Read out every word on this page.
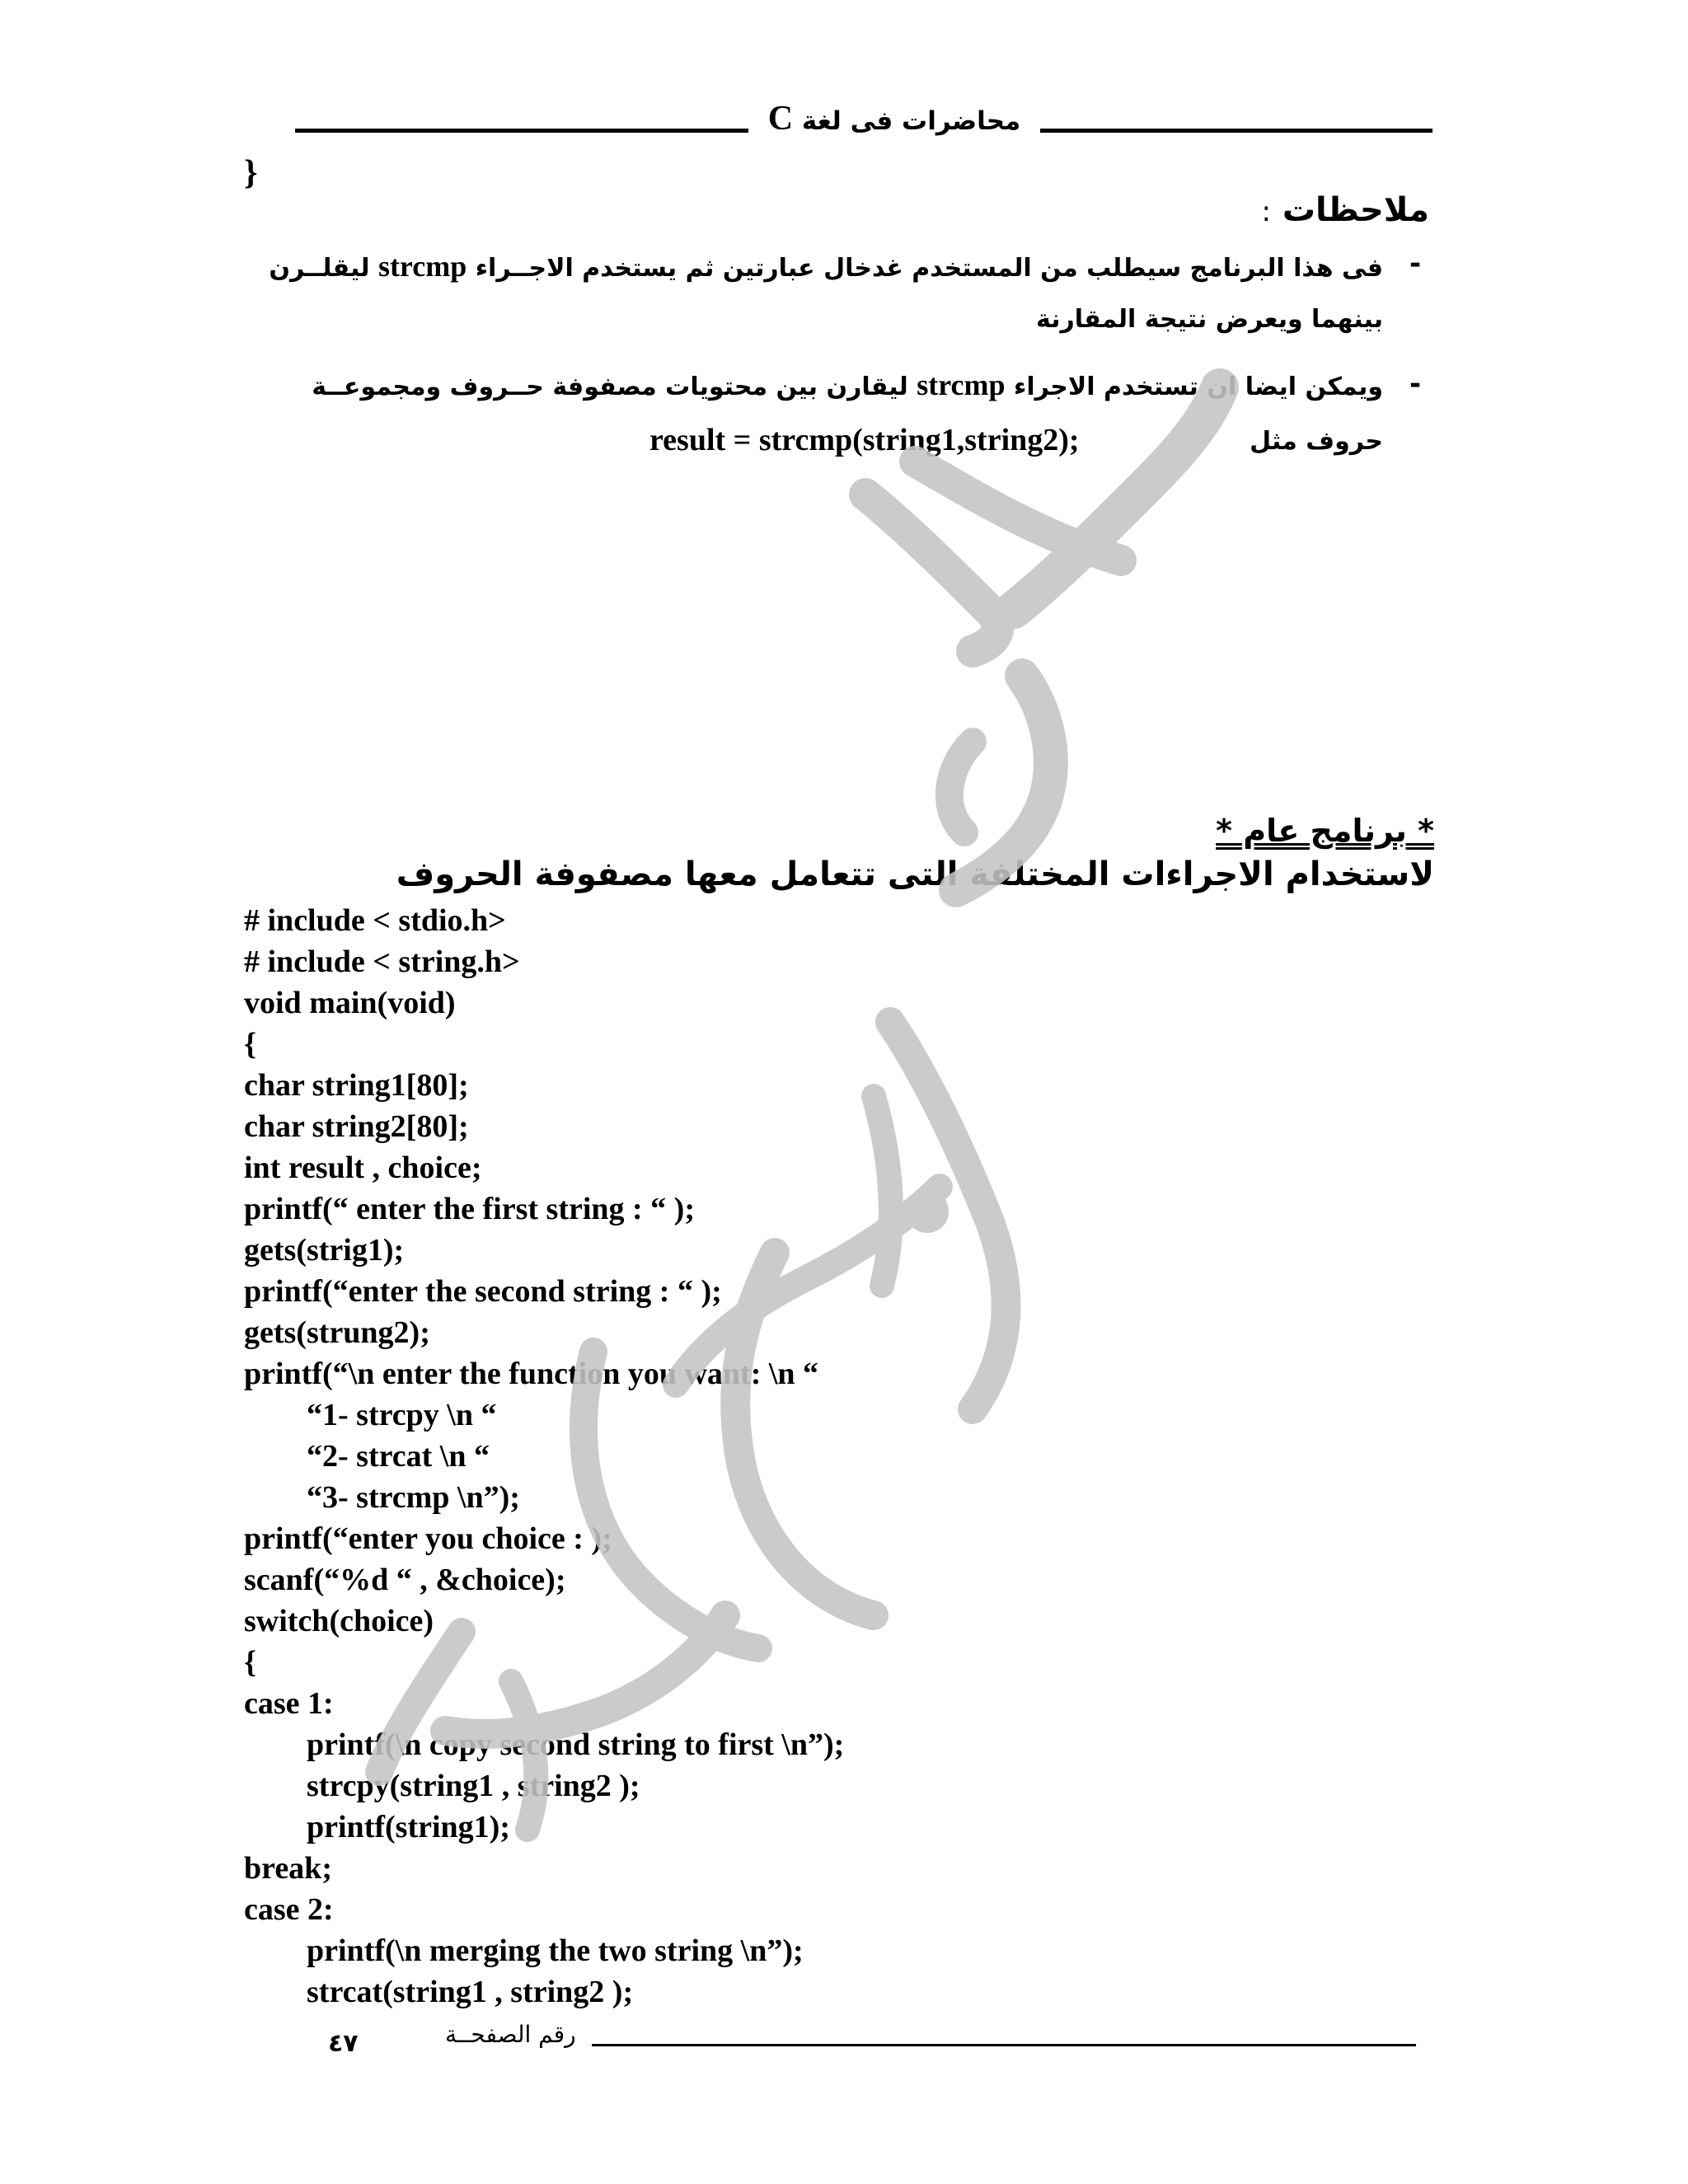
محاضرات فى لغة C
}
ملاحظات :
-
فى هذا البرنامج سيطلب من المستخدم غدخال عبارتين ثم يستخدم الاجــراء strcmp ليقلــرن
بينهما ويعرض نتيجة المقارنة
-
ويمكن ايضا ان تستخدم الاجراء strcmp ليقارن بين محتويات مصفوفة حــروف ومجموعــة
حروف مثل
result = strcmp(string1,string2);
* برنامج عام *
لاستخدام الاجراءات المختلفة التى تتعامل معها مصفوفة الحروف
# include < stdio.h>
# include < string.h>
void main(void)
{
char string1[80];
char string2[80];
int result , choice;
printf(“ enter the first string : “ );
gets(strig1);
printf(“enter the second string : “ );
gets(strung2);
printf(“\n enter the function you want: \n “
“1- strcpy \n “
“2- strcat \n “
“3- strcmp \n”);
printf(“enter you choice : );
scanf(“%d “ , &choice);
switch(choice)
{
case 1:
printf(\n copy second string to first \n”);
strcpy(string1 , string2 );
printf(string1);
break;
case 2:
printf(\n merging the two string \n”);
strcat(string1 , string2 );
رقم الصفحــة
٤٧
